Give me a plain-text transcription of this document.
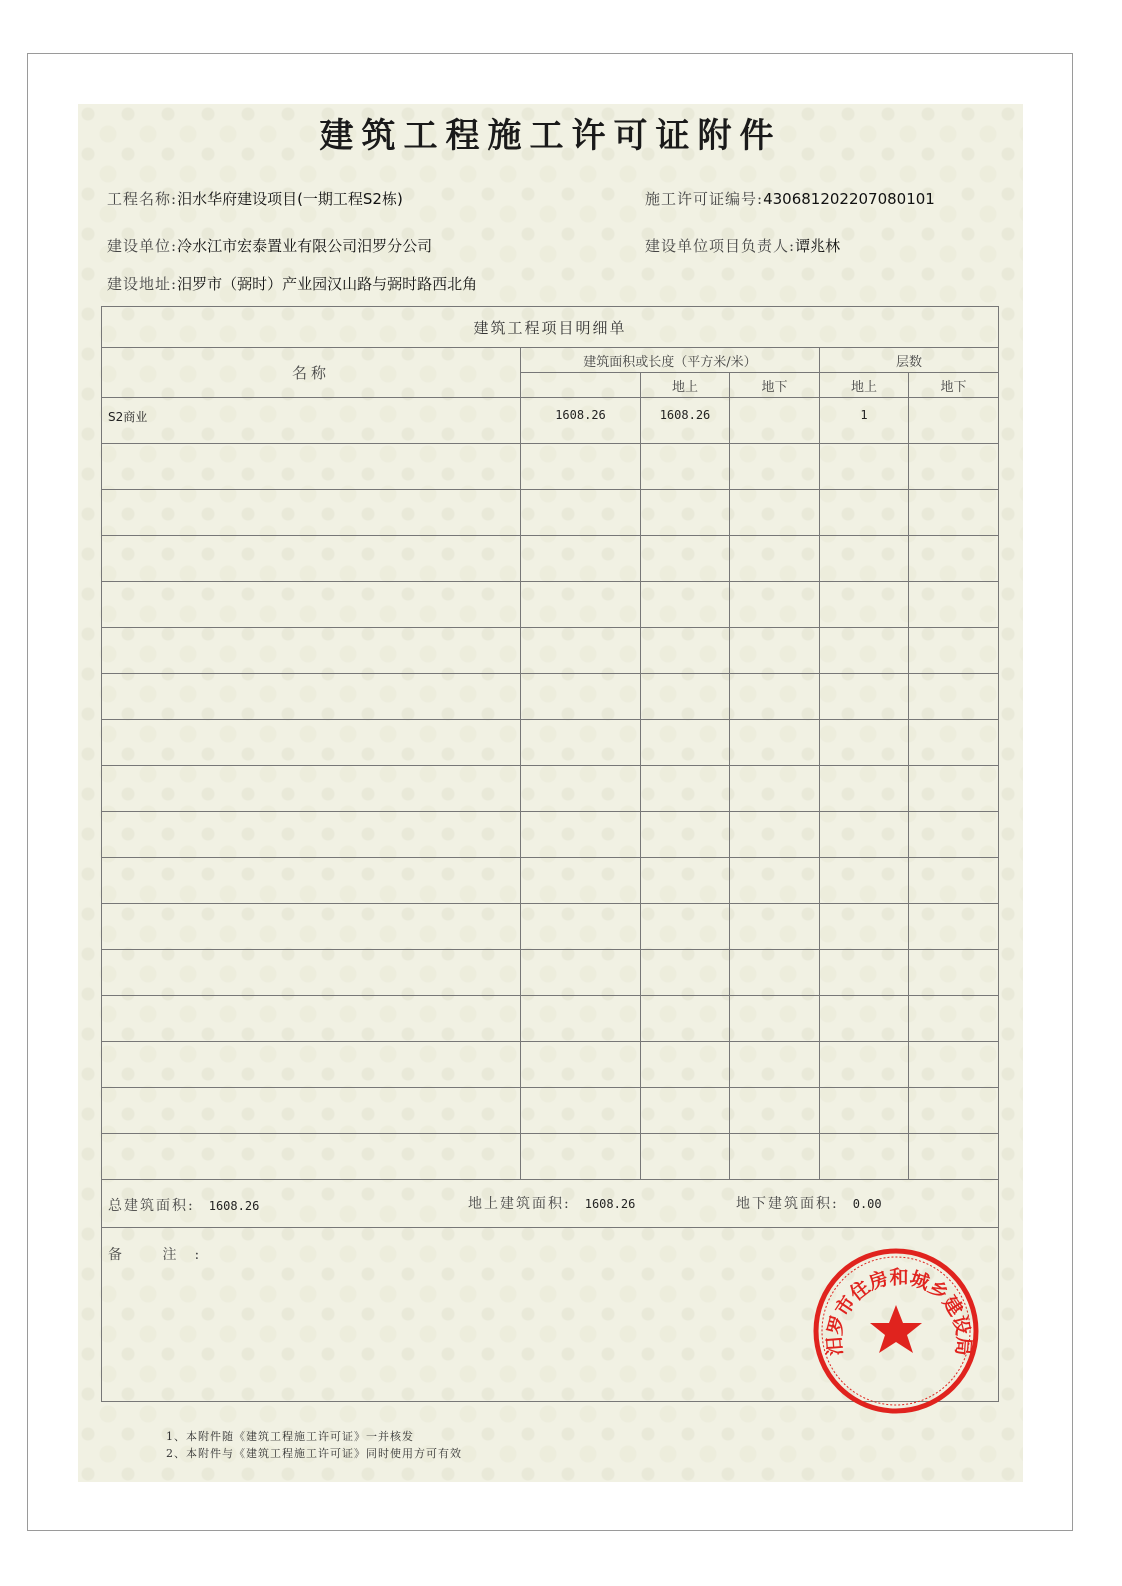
建筑工程施工许可证附件
工程名称:汨水华府建设项目(一期工程S2栋)	施工许可证编号:430681202207080101
建设单位:冷水江市宏泰置业有限公司汨罗分公司	建设单位项目负责人:谭兆林
建设地址:汨罗市（弼时）产业园汉山路与弼时路西北角
建筑工程项目明细单					
名称	建筑面积或长度（平方米/米）			层数	
		地上	地下	地上	地下
S2商业	1608.26	1608.26		1	

总建筑面积: 1608.26 地上建筑面积: 1608.26 地下建筑面积: 0.00					

备 注:					
1、本附件随《建筑工程施工许可证》一并核发
2、本附件与《建筑工程施工许可证》同时使用方可有效
汨罗市住房和城乡建设局
